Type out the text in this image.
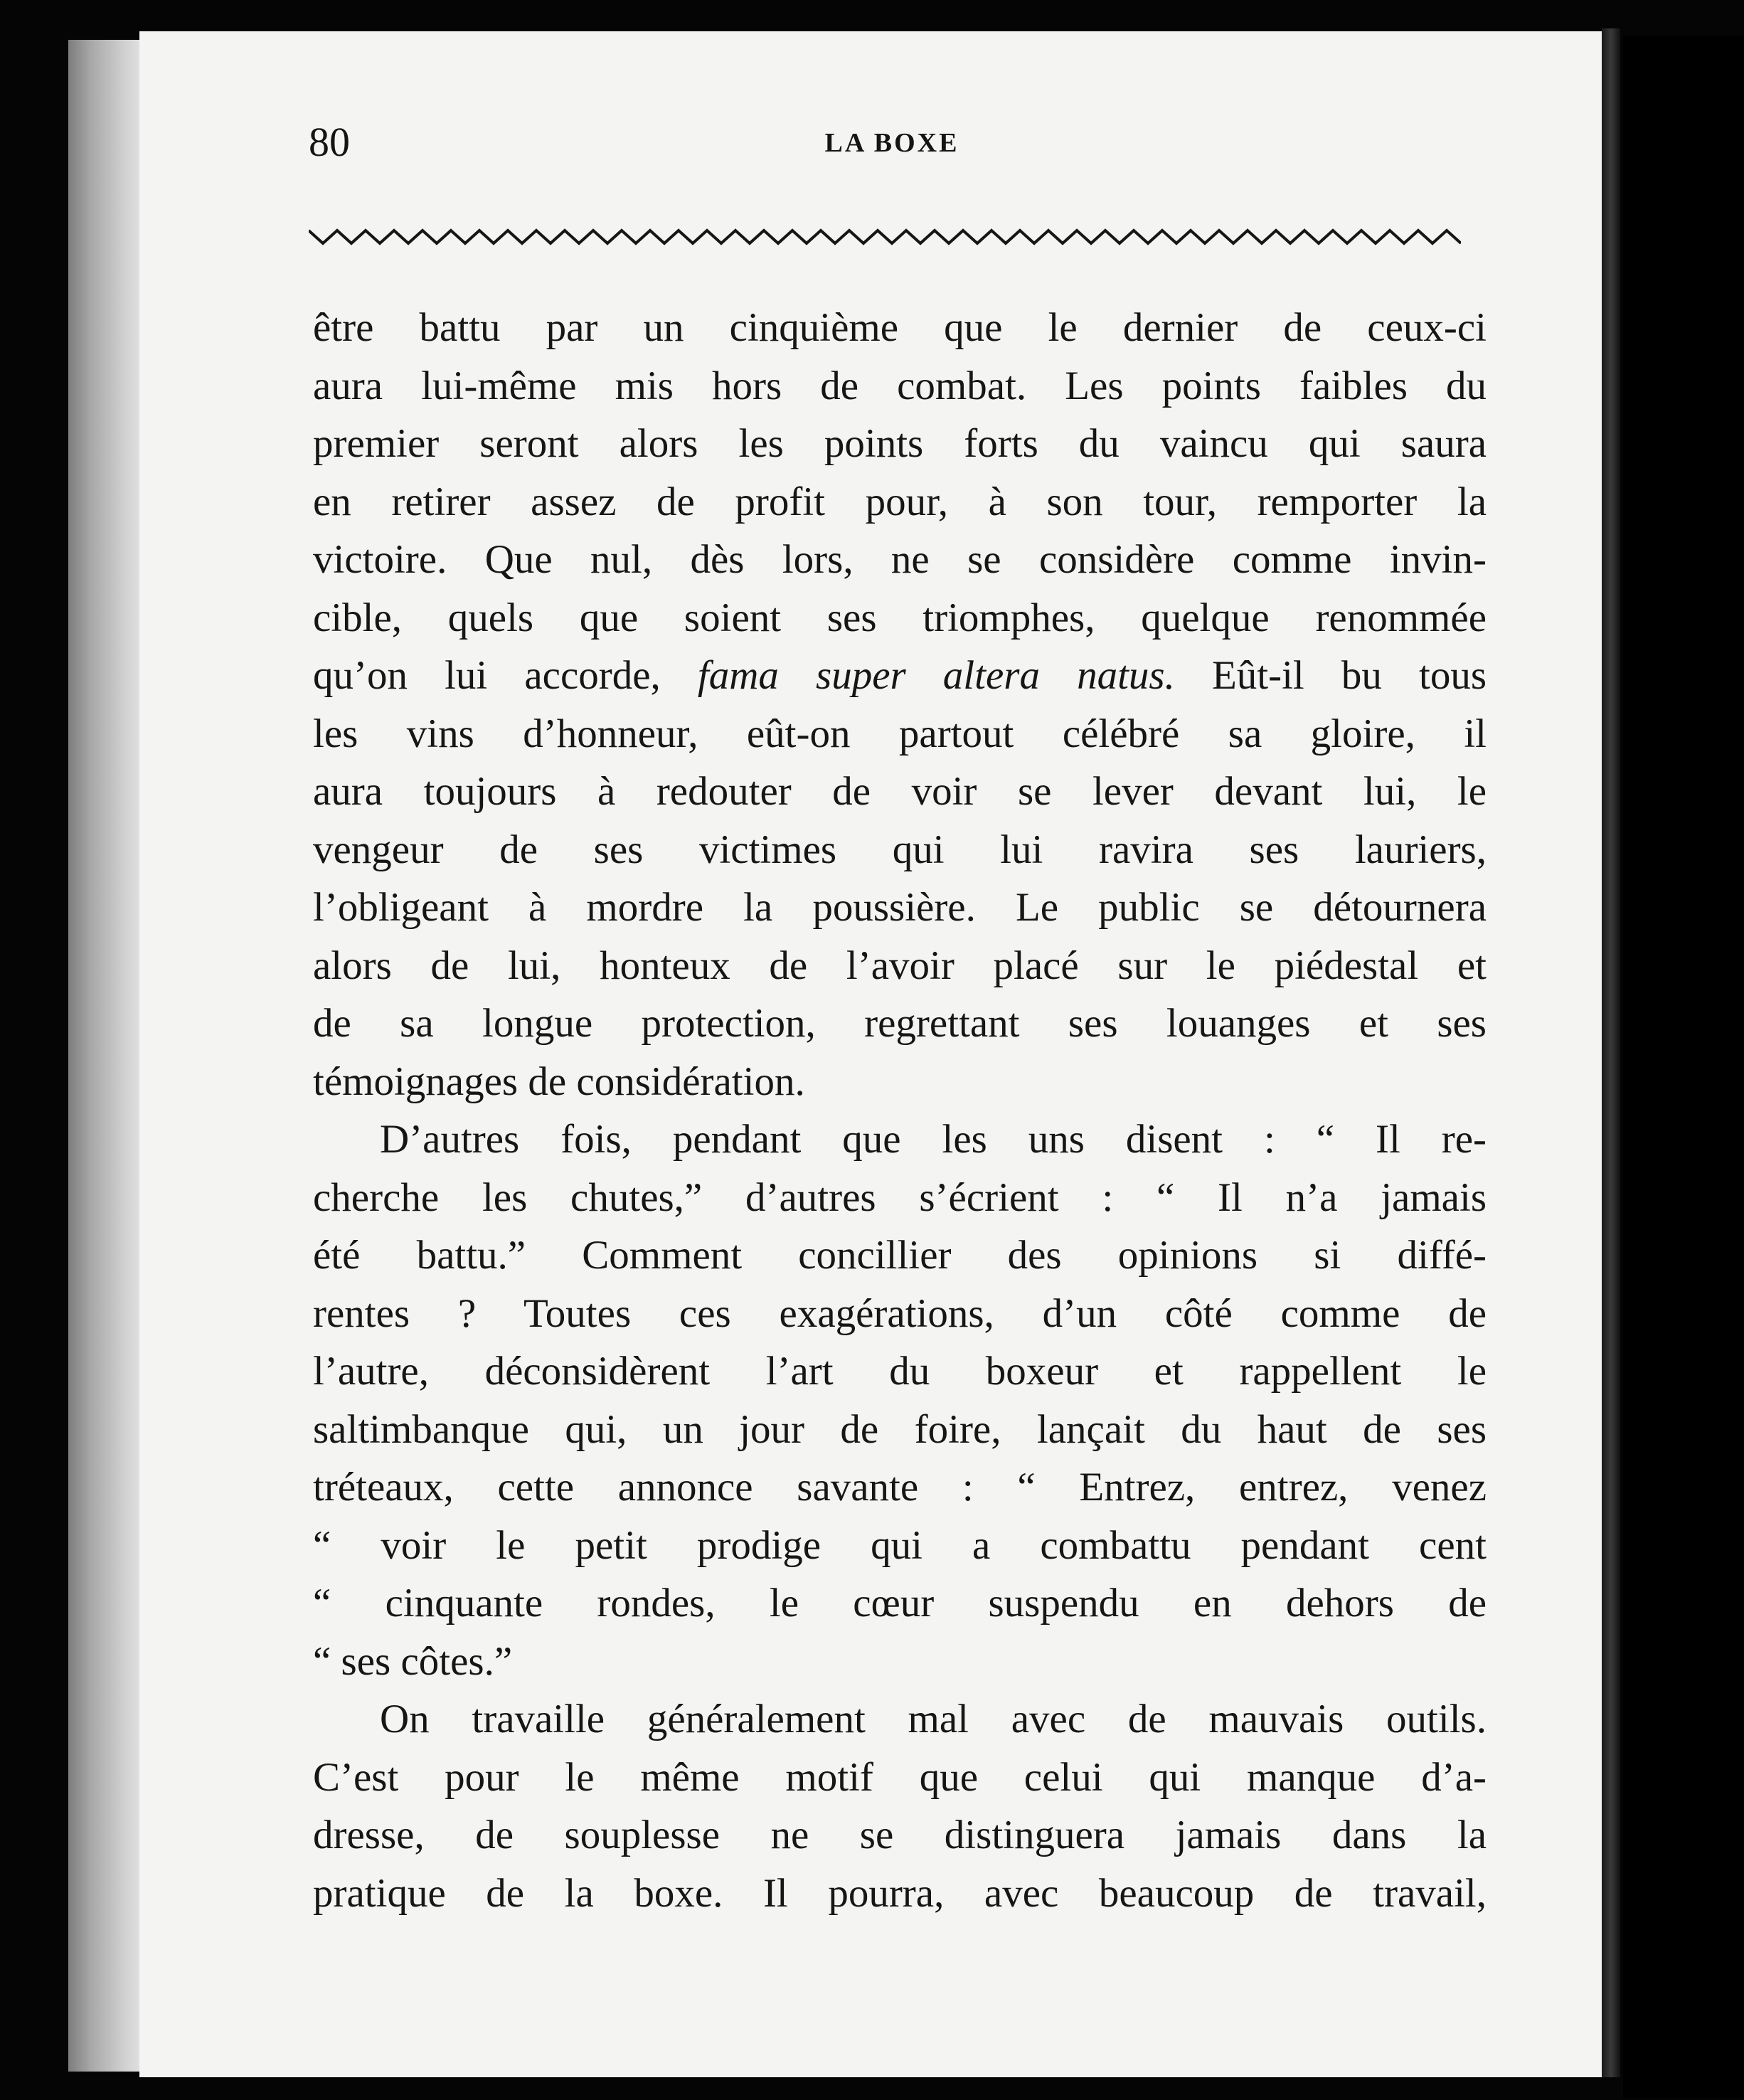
80	LA BOXE
être battu par un cinquième que le dernier de ceux-ci
aura lui-même mis hors de combat. Les points faibles du
premier seront alors les points forts du vaincu qui saura
en retirer assez de profit pour, à son tour, remporter la
victoire. Que nul, dès lors, ne se considère comme invin-
cible, quels que soient ses triomphes, quelque renommée
qu’on lui accorde, fama super altera natus. Eût-il bu tous
les vins d’honneur, eût-on partout célébré sa gloire, il
aura toujours à redouter de voir se lever devant lui, le
vengeur de ses victimes qui lui ravira ses lauriers,
l’obligeant à mordre la poussière. Le public se détournera
alors de lui, honteux de l’avoir placé sur le piédestal et
de sa longue protection, regrettant ses louanges et ses
témoignages de considération.
D’autres fois, pendant que les uns disent : “ Il re-
cherche les chutes,” d’autres s’écrient : “ Il n’a jamais
été battu.” Comment concillier des opinions si diffé-
rentes ? Toutes ces exagérations, d’un côté comme de
l’autre, déconsidèrent l’art du boxeur et rappellent le
saltimbanque qui, un jour de foire, lançait du haut de ses
tréteaux, cette annonce savante : “ Entrez, entrez, venez
“ voir le petit prodige qui a combattu pendant cent
“ cinquante rondes, le cœur suspendu en dehors de
“ ses côtes.”
On travaille généralement mal avec de mauvais outils.
C’est pour le même motif que celui qui manque d’a-
dresse, de souplesse ne se distinguera jamais dans la
pratique de la boxe. Il pourra, avec beaucoup de travail,
